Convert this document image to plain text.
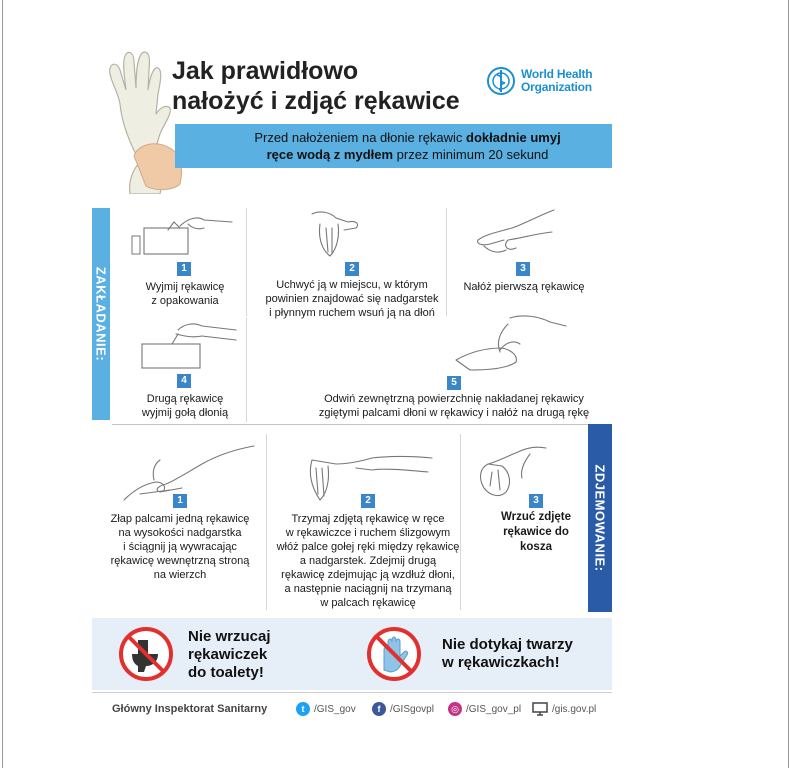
Jak prawidłowo
nałożyć i zdjąć rękawice
World Health
Organization
Przed nałożeniem na dłonie rękawic dokładnie umyj
ręce wodą z mydłem przez minimum 20 sekund
ZAKŁADANIE:
ZDJEMOWANIE:
1
Wyjmij rękawicę
z opakowania
2
Uchwyć ją w miejscu, w którym
powinien znajdować się nadgarstek
i płynnym ruchem wsuń ją na dłoń
3
Nałóż pierwszą rękawicę
4
Drugą rękawicę
wyjmij gołą dłonią
5
Odwiń zewnętrzną powierzchnię nakładanej rękawicy
zgiętymi palcami dłoni w rękawicy i nałóż na drugą rękę
1
Złap palcami jedną rękawicę
na wysokości nadgarstka
i ściągnij ją wywracając
rękawicę wewnętrzną stroną
na wierzch
2
Trzymaj zdjętą rękawicę w ręce
w rękawiczce i ruchem ślizgowym
włóż palce gołej ręki między rękawicę
a nadgarstek. Zdejmij drugą
rękawicę zdejmując ją wzdłuż dłoni,
a następnie naciągnij na trzymaną
w palcach rękawicę
3
Wrzuć zdjęte
rękawice do
kosza
Nie wrzucaj
rękawiczek
do toalety!
Nie dotykaj twarzy
w rękawiczkach!
Główny Inspektorat Sanitarny	t /GIS_gov	f /GISgovpl	◎ /GIS_gov_pl	/gis.gov.pl
